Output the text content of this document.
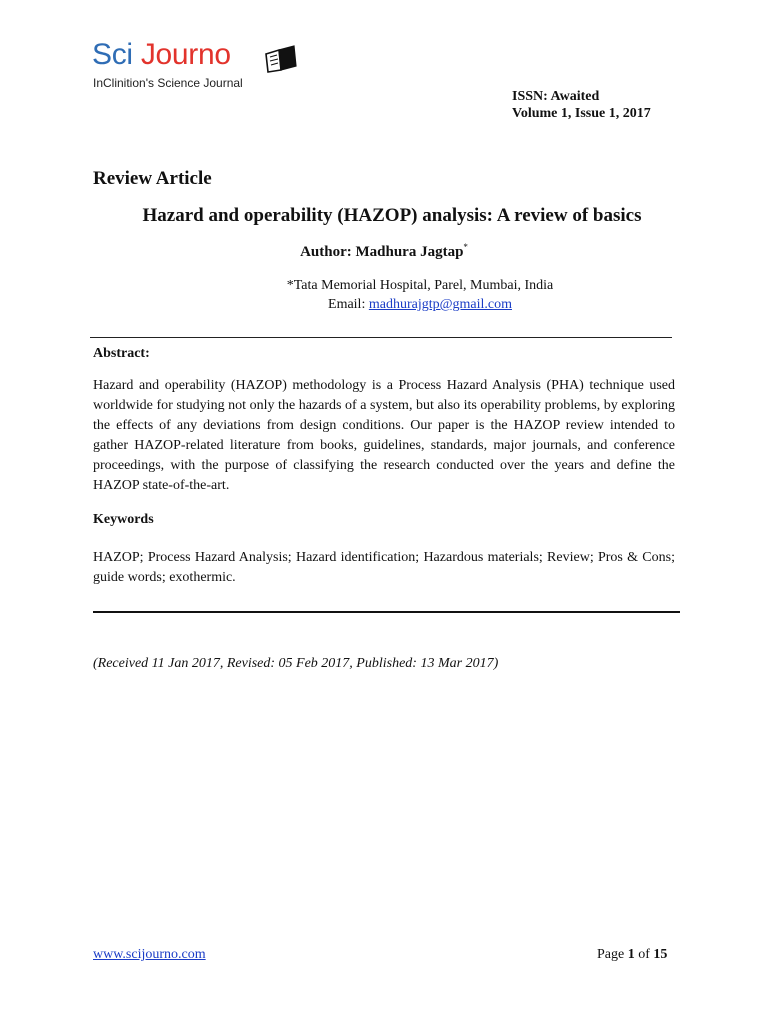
Sci Journo
InClinition's Science Journal
ISSN: Awaited
Volume 1, Issue 1, 2017
Review Article
Hazard and operability (HAZOP) analysis: A review of basics
Author: Madhura Jagtap*
*Tata Memorial Hospital, Parel, Mumbai, India
Email: madhurajgtp@gmail.com
Abstract:
Hazard and operability (HAZOP) methodology is a Process Hazard Analysis (PHA) technique used worldwide for studying not only the hazards of a system, but also its operability problems, by exploring the effects of any deviations from design conditions. Our paper is the HAZOP review intended to gather HAZOP-related literature from books, guidelines, standards, major journals, and conference proceedings, with the purpose of classifying the research conducted over the years and define the HAZOP state-of-the-art.
Keywords
HAZOP; Process Hazard Analysis; Hazard identification; Hazardous materials; Review; Pros & Cons; guide words; exothermic.
(Received 11 Jan 2017, Revised: 05 Feb 2017, Published: 13 Mar 2017)
www.scijourno.com	Page 1 of 15
